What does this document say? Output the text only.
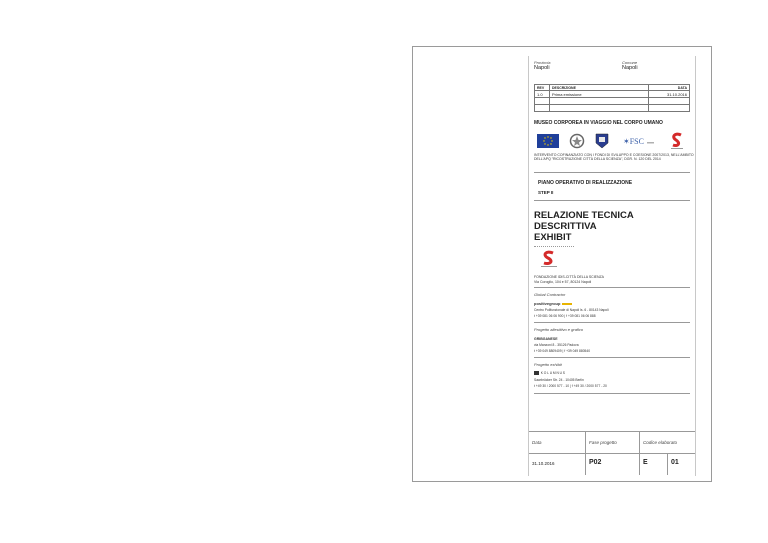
Provincia
Napoli
Comune
Napoli
REV	DESCRIZIONE	DATA
1.0	Prima emissione	31.10.2016

MUSEO CORPOREA IN VIAGGIO NEL CORPO UMANO
✶FSC
INTERVENTO COFINANZIATO CON I FONDI DI SVILUPPO E COESIONE 2007/2013, NELL'AMBITO DELL'APQ "RICOSTRUZIONE CITTÀ DELLA SCIENZA", DGR. N. 120 DEL 2014
PIANO OPERATIVO DI REALIZZAZIONE
STEP II
RELAZIONE TECNICA DESCRITTIVA
EXHIBIT
FONDAZIONE IDIS-CITTÀ DELLA SCIENZA
Via Coroglio, 104 e 57, 80124 Napoli
Global Contractor
positivegroup
Centro Polifunzionale di Napoli Is. 6 - 80143 Napoli
t +39 081 06 06 900 | f +39 081 06 06 888
Progetto allestitivo e grafico
GRIBGANESE
via Manzoni 8 - 35126 Padova
t +39 049 8809409 | f +39 049 880540
Progetto exhibit
KOLUMNUS
Saarbrücker Str. 24 - 10405 Berlin
t +49 30 / 2000 577 - 10 | f +49 30 / 2000 577 - 20
Data	Fase progetto	Codice elaborato
31.10.2016	P02	E	01
